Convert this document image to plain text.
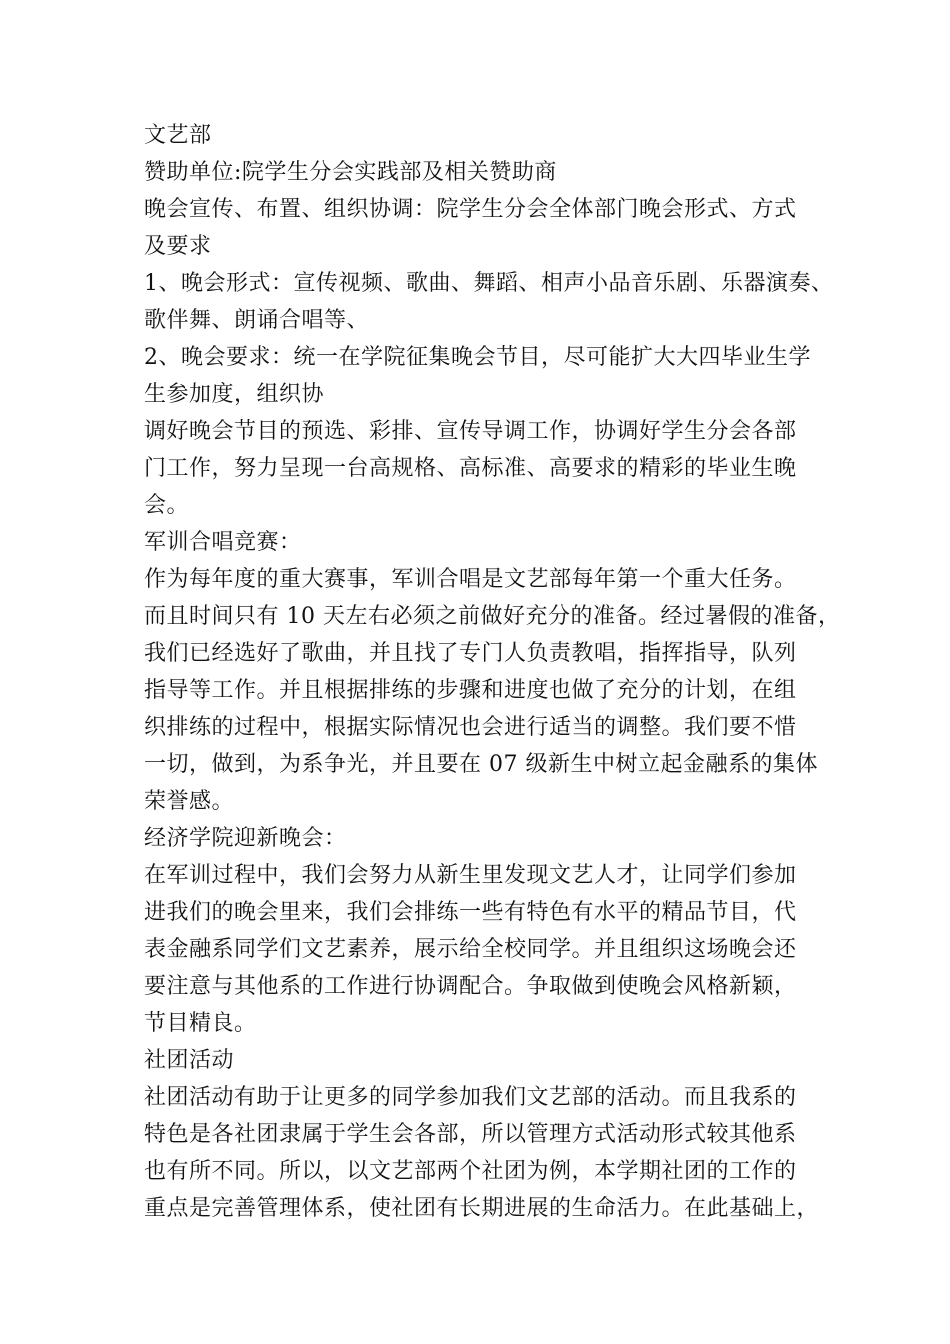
文艺部
赞助单位:院学生分会实践部及相关赞助商
晚会宣传、布置、组织协调：院学生分会全体部门晚会形式、方式
及要求
1、晚会形式：宣传视频、歌曲、舞蹈、相声小品音乐剧、乐器演奏、
歌伴舞、朗诵合唱等、
2、晚会要求：统一在学院征集晚会节目，尽可能扩大大四毕业生学
生参加度，组织协
调好晚会节目的预选、彩排、宣传导调工作，协调好学生分会各部
门工作，努力呈现一台高规格、高标准、高要求的精彩的毕业生晚
会。
军训合唱竞赛：
作为每年度的重大赛事，军训合唱是文艺部每年第一个重大任务。
而且时间只有 10 天左右必须之前做好充分的准备。经过暑假的准备，
我们已经选好了歌曲，并且找了专门人负责教唱，指挥指导，队列
指导等工作。并且根据排练的步骤和进度也做了充分的计划，在组
织排练的过程中，根据实际情况也会进行适当的调整。我们要不惜
一切，做到，为系争光，并且要在 07 级新生中树立起金融系的集体
荣誉感。
经济学院迎新晚会：
在军训过程中，我们会努力从新生里发现文艺人才，让同学们参加
进我们的晚会里来，我们会排练一些有特色有水平的精品节目，代
表金融系同学们文艺素养，展示给全校同学。并且组织这场晚会还
要注意与其他系的工作进行协调配合。争取做到使晚会风格新颖，
节目精良。
社团活动
社团活动有助于让更多的同学参加我们文艺部的活动。而且我系的
特色是各社团隶属于学生会各部，所以管理方式活动形式较其他系
也有所不同。所以，以文艺部两个社团为例，本学期社团的工作的
重点是完善管理体系，使社团有长期进展的生命活力。在此基础上，
